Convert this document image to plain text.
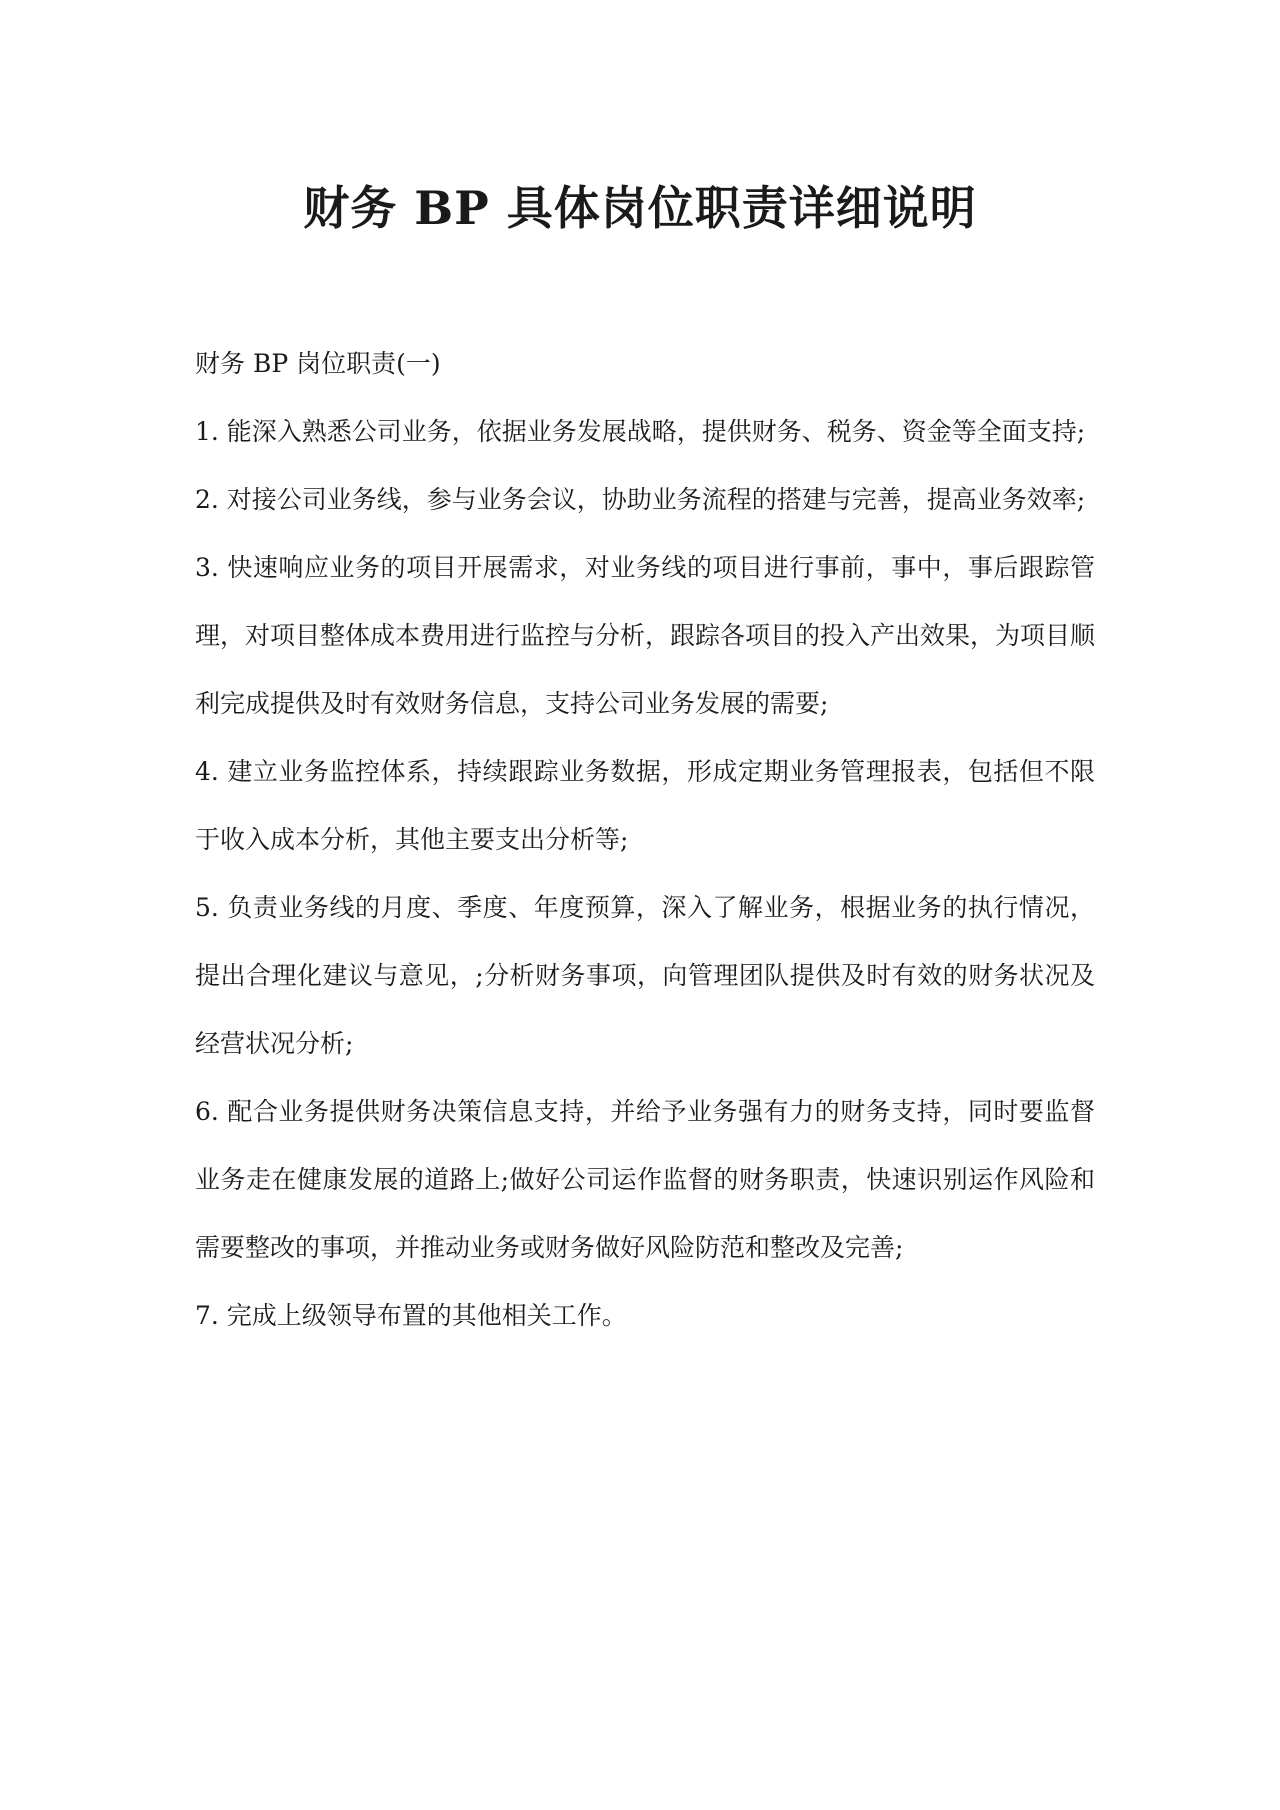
财务 BP 具体岗位职责详细说明

财务 BP 岗位职责(一)

1. 能深入熟悉公司业务，依据业务发展战略，提供财务、税务、资金等全面支持;

2. 对接公司业务线，参与业务会议，协助业务流程的搭建与完善，提高业务效率;

3. 快速响应业务的项目开展需求，对业务线的项目进行事前，事中，事后跟踪管理，对项目整体成本费用进行监控与分析，跟踪各项目的投入产出效果，为项目顺利完成提供及时有效财务信息，支持公司业务发展的需要;

4. 建立业务监控体系，持续跟踪业务数据，形成定期业务管理报表，包括但不限于收入成本分析，其他主要支出分析等;

5. 负责业务线的月度、季度、年度预算，深入了解业务，根据业务的执行情况，提出合理化建议与意见，;分析财务事项，向管理团队提供及时有效的财务状况及经营状况分析;

6. 配合业务提供财务决策信息支持，并给予业务强有力的财务支持，同时要监督业务走在健康发展的道路上;做好公司运作监督的财务职责，快速识别运作风险和需要整改的事项，并推动业务或财务做好风险防范和整改及完善;

7. 完成上级领导布置的其他相关工作。
